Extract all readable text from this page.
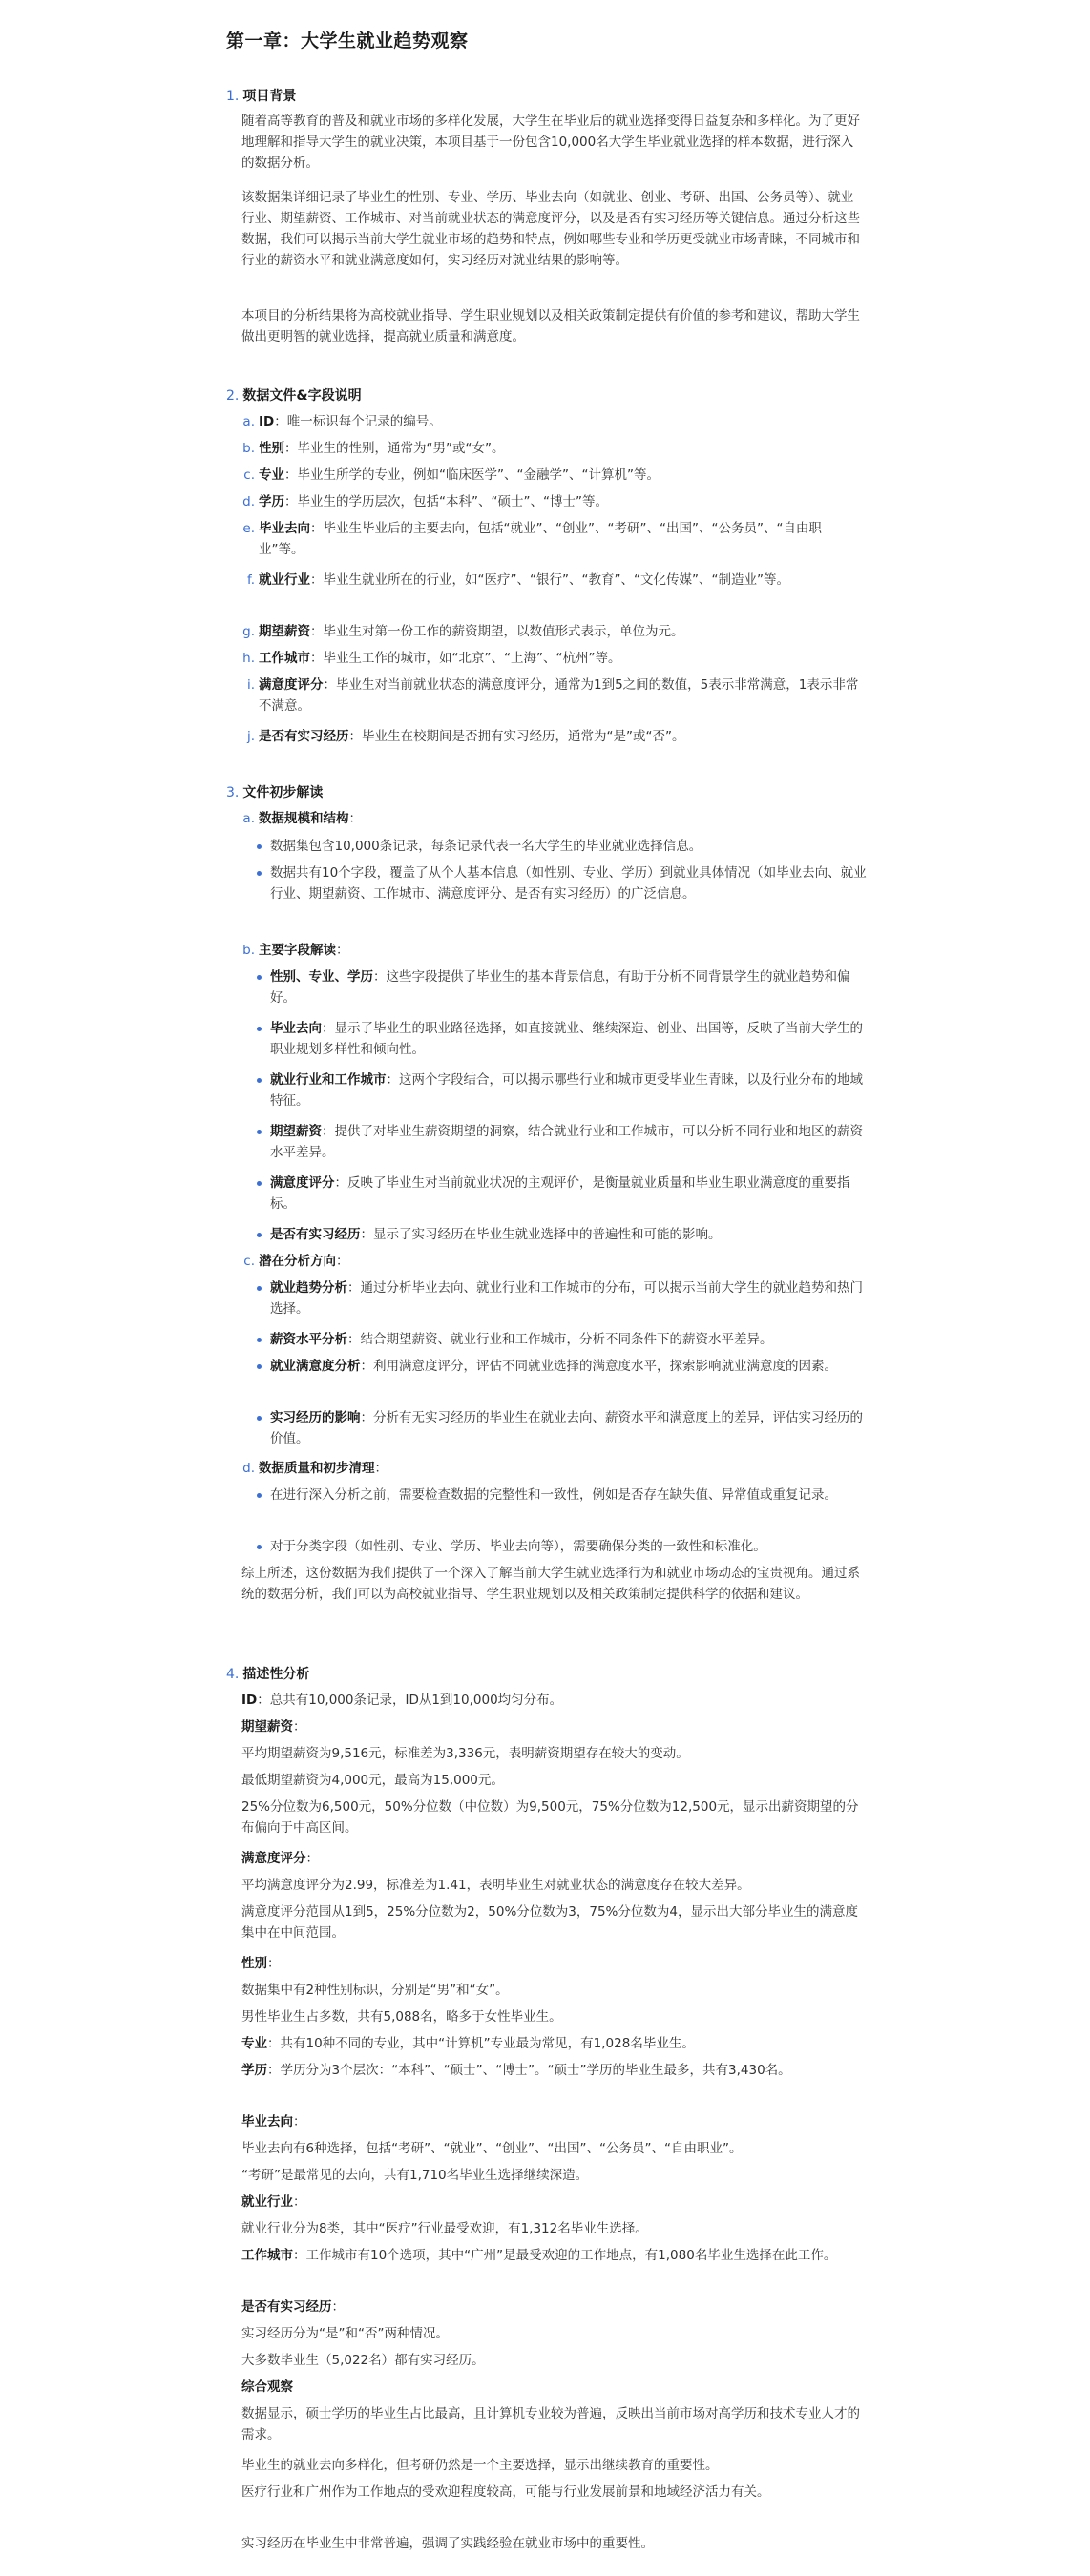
第一章：大学生就业趋势观察
1. 项目背景
随着高等教育的普及和就业市场的多样化发展，大学生在毕业后的就业选择变得日益复杂和多样化。为了更好地理解和指导大学生的就业决策，本项目基于一份包含10,000名大学生毕业就业选择的样本数据，进行深入的数据分析。
该数据集详细记录了毕业生的性别、专业、学历、毕业去向（如就业、创业、考研、出国、公务员等）、就业行业、期望薪资、工作城市、对当前就业状态的满意度评分，以及是否有实习经历等关键信息。通过分析这些数据，我们可以揭示当前大学生就业市场的趋势和特点，例如哪些专业和学历更受就业市场青睐，不同城市和行业的薪资水平和就业满意度如何，实习经历对就业结果的影响等。
本项目的分析结果将为高校就业指导、学生职业规划以及相关政策制定提供有价值的参考和建议，帮助大学生做出更明智的就业选择，提高就业质量和满意度。
2. 数据文件&字段说明
a. ID：唯一标识每个记录的编号。
b. 性别：毕业生的性别，通常为“男”或“女”。
c. 专业：毕业生所学的专业，例如“临床医学”、“金融学”、“计算机”等。
d. 学历：毕业生的学历层次，包括“本科”、“硕士”、“博士”等。
e. 毕业去向：毕业生毕业后的主要去向，包括“就业”、“创业”、“考研”、“出国”、“公务员”、“自由职业”等。
f. 就业行业：毕业生就业所在的行业，如“医疗”、“银行”、“教育”、“文化传媒”、“制造业”等。
g. 期望薪资：毕业生对第一份工作的薪资期望，以数值形式表示，单位为元。
h. 工作城市：毕业生工作的城市，如“北京”、“上海”、“杭州”等。
i. 满意度评分：毕业生对当前就业状态的满意度评分，通常为1到5之间的数值，5表示非常满意，1表示非常不满意。
j. 是否有实习经历：毕业生在校期间是否拥有实习经历，通常为“是”或“否”。
3. 文件初步解读
a. 数据规模和结构：
数据集包含10,000条记录，每条记录代表一名大学生的毕业就业选择信息。
数据共有10个字段，覆盖了从个人基本信息（如性别、专业、学历）到就业具体情况（如毕业去向、就业行业、期望薪资、工作城市、满意度评分、是否有实习经历）的广泛信息。
b. 主要字段解读：
性别、专业、学历：这些字段提供了毕业生的基本背景信息，有助于分析不同背景学生的就业趋势和偏好。
毕业去向：显示了毕业生的职业路径选择，如直接就业、继续深造、创业、出国等，反映了当前大学生的职业规划多样性和倾向性。
就业行业和工作城市：这两个字段结合，可以揭示哪些行业和城市更受毕业生青睐，以及行业分布的地域特征。
期望薪资：提供了对毕业生薪资期望的洞察，结合就业行业和工作城市，可以分析不同行业和地区的薪资水平差异。
满意度评分：反映了毕业生对当前就业状况的主观评价，是衡量就业质量和毕业生职业满意度的重要指标。
是否有实习经历：显示了实习经历在毕业生就业选择中的普遍性和可能的影响。
c. 潜在分析方向：
就业趋势分析：通过分析毕业去向、就业行业和工作城市的分布，可以揭示当前大学生的就业趋势和热门选择。
薪资水平分析：结合期望薪资、就业行业和工作城市，分析不同条件下的薪资水平差异。
就业满意度分析：利用满意度评分，评估不同就业选择的满意度水平，探索影响就业满意度的因素。
实习经历的影响：分析有无实习经历的毕业生在就业去向、薪资水平和满意度上的差异，评估实习经历的价值。
d. 数据质量和初步清理：
在进行深入分析之前，需要检查数据的完整性和一致性，例如是否存在缺失值、异常值或重复记录。
对于分类字段（如性别、专业、学历、毕业去向等），需要确保分类的一致性和标准化。
综上所述，这份数据为我们提供了一个深入了解当前大学生就业选择行为和就业市场动态的宝贵视角。通过系统的数据分析，我们可以为高校就业指导、学生职业规划以及相关政策制定提供科学的依据和建议。
4. 描述性分析
ID：总共有10,000条记录，ID从1到10,000均匀分布。
期望薪资：
平均期望薪资为9,516元，标准差为3,336元，表明薪资期望存在较大的变动。
最低期望薪资为4,000元，最高为15,000元。
25%分位数为6,500元，50%分位数（中位数）为9,500元，75%分位数为12,500元，显示出薪资期望的分布偏向于中高区间。
满意度评分：
平均满意度评分为2.99，标准差为1.41，表明毕业生对就业状态的满意度存在较大差异。
满意度评分范围从1到5，25%分位数为2，50%分位数为3，75%分位数为4，显示出大部分毕业生的满意度集中在中间范围。
性别：
数据集中有2种性别标识，分别是“男”和“女”。
男性毕业生占多数，共有5,088名，略多于女性毕业生。
专业：共有10种不同的专业，其中“计算机”专业最为常见，有1,028名毕业生。
学历：学历分为3个层次：“本科”、“硕士”、“博士”。“硕士”学历的毕业生最多，共有3,430名。
毕业去向：
毕业去向有6种选择，包括“考研”、“就业”、“创业”、“出国”、“公务员”、“自由职业”。
“考研”是最常见的去向，共有1,710名毕业生选择继续深造。
就业行业：
就业行业分为8类，其中“医疗”行业最受欢迎，有1,312名毕业生选择。
工作城市：工作城市有10个选项，其中“广州”是最受欢迎的工作地点，有1,080名毕业生选择在此工作。
是否有实习经历：
实习经历分为“是”和“否”两种情况。
大多数毕业生（5,022名）都有实习经历。
综合观察
数据显示，硕士学历的毕业生占比最高，且计算机专业较为普遍，反映出当前市场对高学历和技术专业人才的需求。
毕业生的就业去向多样化，但考研仍然是一个主要选择，显示出继续教育的重要性。
医疗行业和广州作为工作地点的受欢迎程度较高，可能与行业发展前景和地域经济活力有关。
实习经历在毕业生中非常普遍，强调了实践经验在就业市场中的重要性。
